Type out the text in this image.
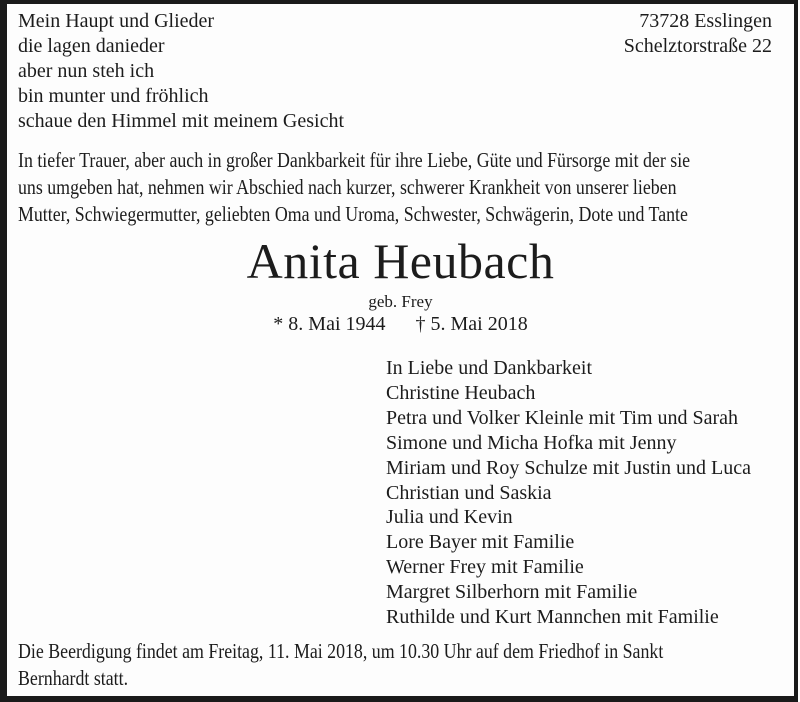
Mein Haupt und Glieder
die lagen danieder
aber nun steh ich
bin munter und fröhlich
schaue den Himmel mit meinem Gesicht
73728 Esslingen
Schelztorstraße 22
In tiefer Trauer, aber auch in großer Dankbarkeit für ihre Liebe, Güte und Fürsorge mit der sie
uns umgeben hat, nehmen wir Abschied nach kurzer, schwerer Krankheit von unserer lieben
Mutter, Schwiegermutter, geliebten Oma und Uroma, Schwester, Schwägerin, Dote und Tante
Anita Heubach
geb. Frey
* 8. Mai 1944 † 5. Mai 2018
In Liebe und Dankbarkeit
Christine Heubach
Petra und Volker Kleinle mit Tim und Sarah
Simone und Micha Hofka mit Jenny
Miriam und Roy Schulze mit Justin und Luca
Christian und Saskia
Julia und Kevin
Lore Bayer mit Familie
Werner Frey mit Familie
Margret Silberhorn mit Familie
Ruthilde und Kurt Mannchen mit Familie
Die Beerdigung findet am Freitag, 11. Mai 2018, um 10.30 Uhr auf dem Friedhof in Sankt
Bernhardt statt.
